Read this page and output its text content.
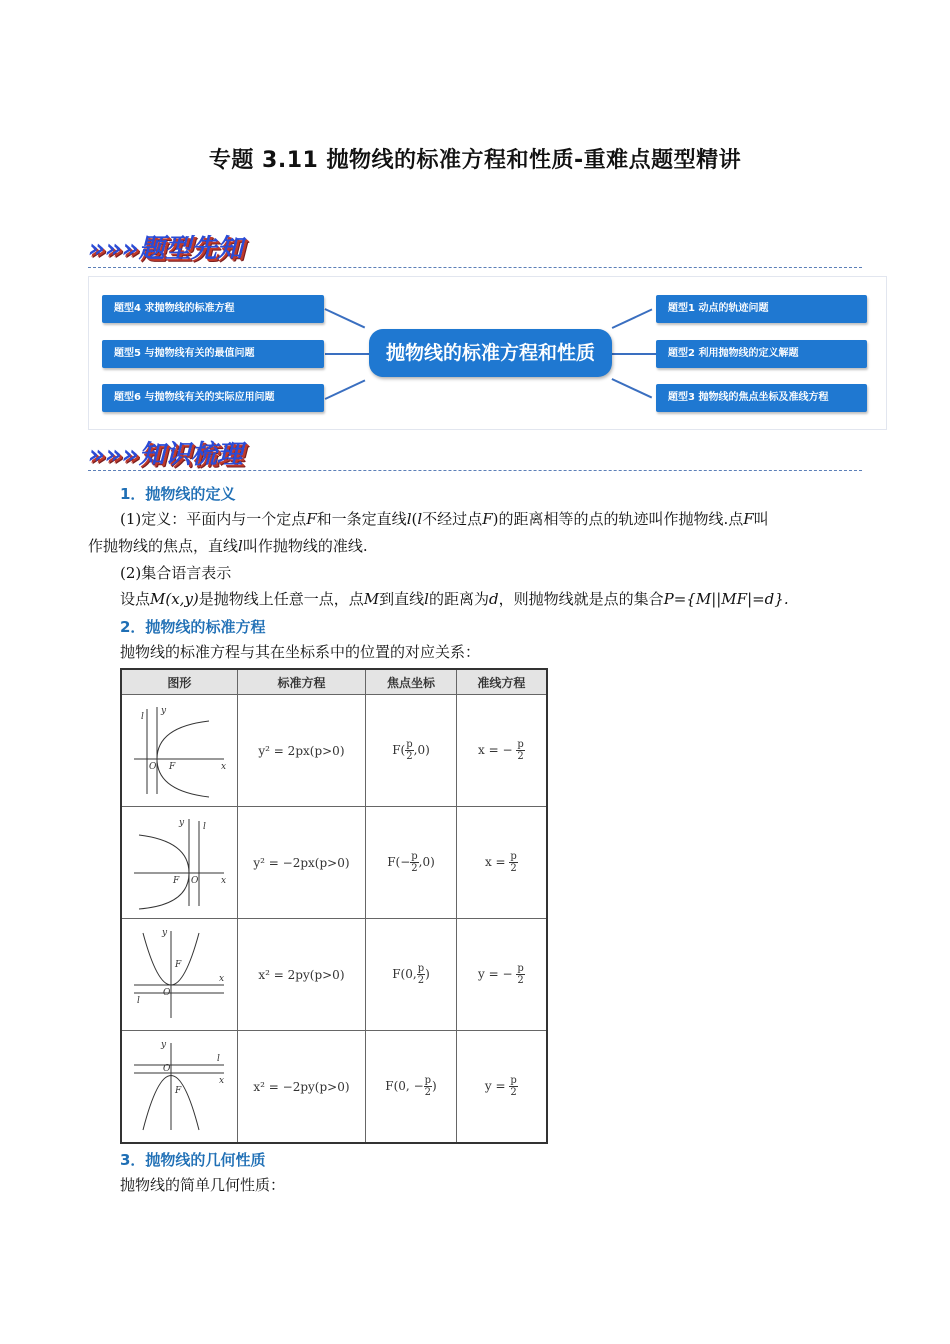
专题 3.11 抛物线的标准方程和性质-重难点题型精讲
»»»题型先知
抛物线的标准方程和性质
题型4 求抛物线的标准方程
题型5 与抛物线有关的最值问题
题型6 与抛物线有关的实际应用问题
题型1 动点的轨迹问题
题型2 利用抛物线的定义解题
题型3 抛物线的焦点坐标及准线方程
»»»知识梳理
1．抛物线的定义
(1)定义：平面内与一个定点F和一条定直线l(l不经过点F)的距离相等的点的轨迹叫作抛物线.点F叫
作抛物线的焦点，直线l叫作抛物线的准线.
(2)集合语言表示
设点M(x,y)是抛物线上任意一点，点M到直线l的距离为d，则抛物线就是点的集合P={M||MF|=d}.
2．抛物线的标准方程
抛物线的标准方程与其在坐标系中的位置的对应关系：
图形	标准方程	焦点坐标	准线方程

x
y
l
O F	y² = 2px(p>0)	$F( \frac{p}{2} ,0)$	x = − $\frac{p}{2}$

x
y l
O
F	y² = −2px(p>0)	$F(- \frac{p}{2} ,0)$	$x = \frac{p}{2}$

x
y
l
O
F	x² = 2py(p>0)	F(0, $\frac{p}{2}$ )	y = − $\frac{p}{2}$

x
y
l
O
F	x² = −2py(p>0)	F(0, − $\frac{p}{2}$ )	$y = \frac{p}{2}$
3．抛物线的几何性质
抛物线的简单几何性质：
